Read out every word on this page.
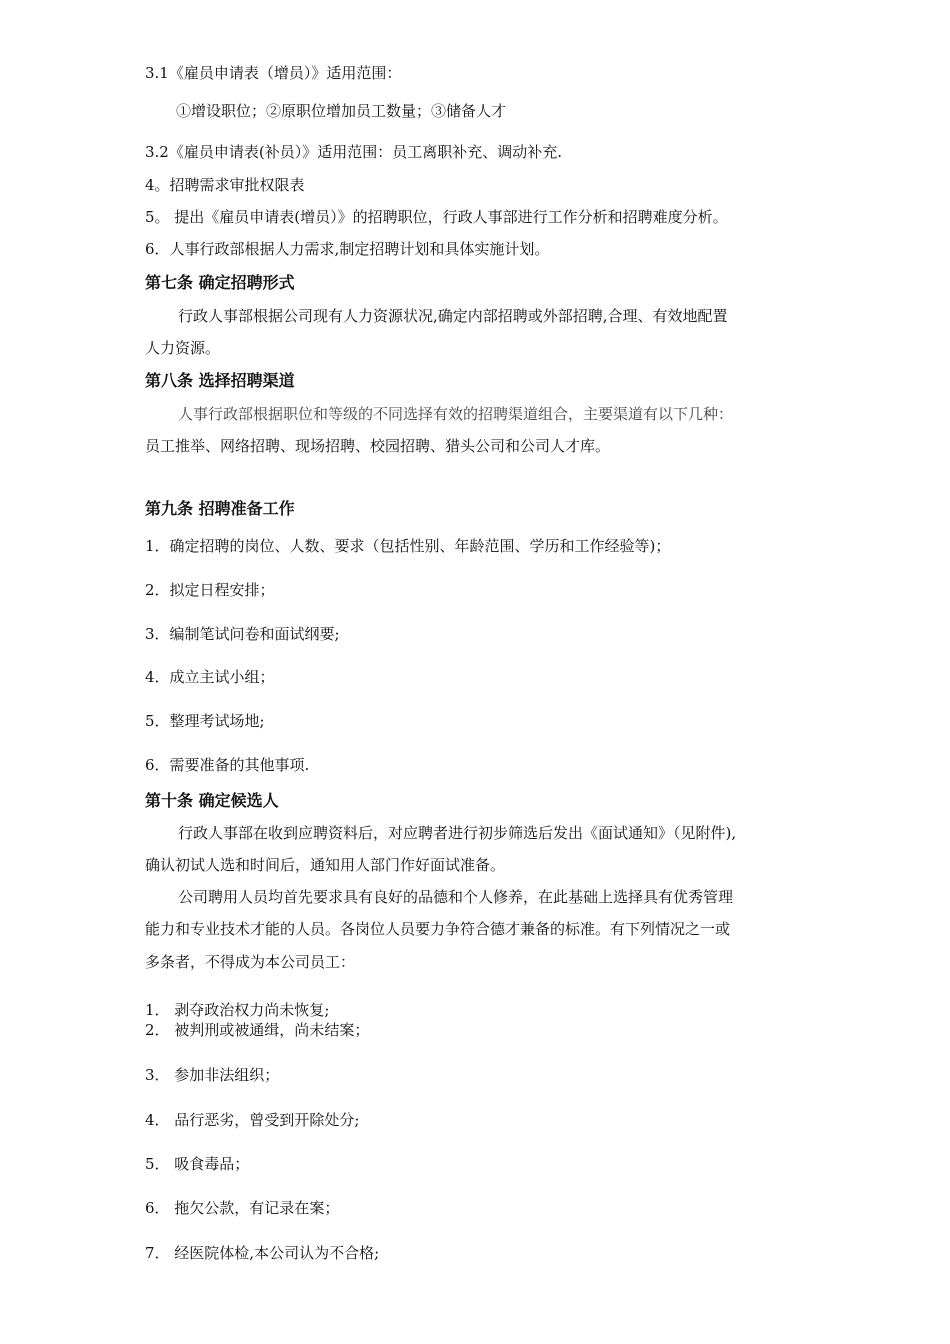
3.1《雇员申请表（增员）》适用范围：
①增设职位；②原职位增加员工数量；③储备人才
3.2《雇员申请表(补员）》适用范围：员工离职补充、调动补充.
4。招聘需求审批权限表
5。 提出《雇员申请表(增员）》的招聘职位，行政人事部进行工作分析和招聘难度分析。
6．人事行政部根据人力需求,制定招聘计划和具体实施计划。
第七条 确定招聘形式
行政人事部根据公司现有人力资源状况,确定内部招聘或外部招聘,合理、有效地配置
人力资源。
第八条 选择招聘渠道
人事行政部根据职位和等级的不同选择有效的招聘渠道组合，主要渠道有以下几种：
员工推举、网络招聘、现场招聘、校园招聘、猎头公司和公司人才库。
第九条 招聘准备工作
1．确定招聘的岗位、人数、要求（包括性别、年龄范围、学历和工作经验等)；
2．拟定日程安排；
3．编制笔试问卷和面试纲要;
4．成立主试小组；
5．整理考试场地;
6．需要准备的其他事项.
第十条 确定候选人
行政人事部在收到应聘资料后，对应聘者进行初步筛选后发出《面试通知》（见附件),
确认初试人选和时间后，通知用人部门作好面试准备。
公司聘用人员均首先要求具有良好的品德和个人修养，在此基础上选择具有优秀管理
能力和专业技术才能的人员。各岗位人员要力争符合德才兼备的标准。有下列情况之一或
多条者，不得成为本公司员工：
1． 剥夺政治权力尚未恢复;
2． 被判刑或被通缉，尚未结案；
3． 参加非法组织；
4． 品行恶劣，曾受到开除处分;
5． 吸食毒品；
6． 拖欠公款，有记录在案；
7． 经医院体检,本公司认为不合格;
